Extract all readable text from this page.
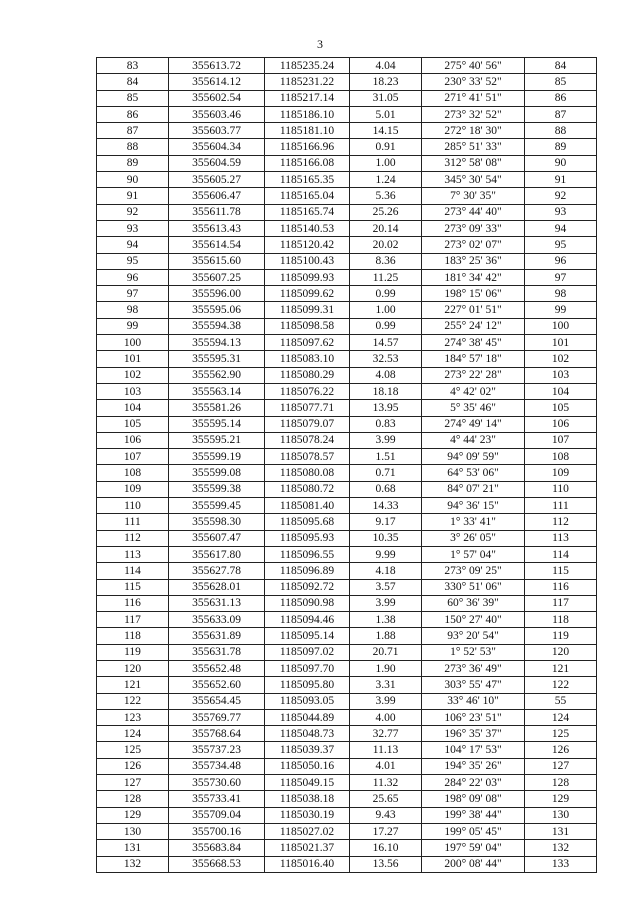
3
83	355613.72	1185235.24	4.04	275° 40' 56"	84
84	355614.12	1185231.22	18.23	230° 33' 52"	85
85	355602.54	1185217.14	31.05	271° 41' 51"	86
86	355603.46	1185186.10	5.01	273° 32' 52"	87
87	355603.77	1185181.10	14.15	272° 18' 30"	88
88	355604.34	1185166.96	0.91	285° 51' 33"	89
89	355604.59	1185166.08	1.00	312° 58' 08"	90
90	355605.27	1185165.35	1.24	345° 30' 54"	91
91	355606.47	1185165.04	5.36	7° 30' 35"	92
92	355611.78	1185165.74	25.26	273° 44' 40"	93
93	355613.43	1185140.53	20.14	273° 09' 33"	94
94	355614.54	1185120.42	20.02	273° 02' 07"	95
95	355615.60	1185100.43	8.36	183° 25' 36"	96
96	355607.25	1185099.93	11.25	181° 34' 42"	97
97	355596.00	1185099.62	0.99	198° 15' 06"	98
98	355595.06	1185099.31	1.00	227° 01' 51"	99
99	355594.38	1185098.58	0.99	255° 24' 12"	100
100	355594.13	1185097.62	14.57	274° 38' 45"	101
101	355595.31	1185083.10	32.53	184° 57' 18"	102
102	355562.90	1185080.29	4.08	273° 22' 28"	103
103	355563.14	1185076.22	18.18	4° 42' 02"	104
104	355581.26	1185077.71	13.95	5° 35' 46"	105
105	355595.14	1185079.07	0.83	274° 49' 14"	106
106	355595.21	1185078.24	3.99	4° 44' 23"	107
107	355599.19	1185078.57	1.51	94° 09' 59"	108
108	355599.08	1185080.08	0.71	64° 53' 06"	109
109	355599.38	1185080.72	0.68	84° 07' 21"	110
110	355599.45	1185081.40	14.33	94° 36' 15"	111
111	355598.30	1185095.68	9.17	1° 33' 41"	112
112	355607.47	1185095.93	10.35	3° 26' 05"	113
113	355617.80	1185096.55	9.99	1° 57' 04"	114
114	355627.78	1185096.89	4.18	273° 09' 25"	115
115	355628.01	1185092.72	3.57	330° 51' 06"	116
116	355631.13	1185090.98	3.99	60° 36' 39"	117
117	355633.09	1185094.46	1.38	150° 27' 40"	118
118	355631.89	1185095.14	1.88	93° 20' 54"	119
119	355631.78	1185097.02	20.71	1° 52' 53"	120
120	355652.48	1185097.70	1.90	273° 36' 49"	121
121	355652.60	1185095.80	3.31	303° 55' 47"	122
122	355654.45	1185093.05	3.99	33° 46' 10"	55
123	355769.77	1185044.89	4.00	106° 23' 51"	124
124	355768.64	1185048.73	32.77	196° 35' 37"	125
125	355737.23	1185039.37	11.13	104° 17' 53"	126
126	355734.48	1185050.16	4.01	194° 35' 26"	127
127	355730.60	1185049.15	11.32	284° 22' 03"	128
128	355733.41	1185038.18	25.65	198° 09' 08"	129
129	355709.04	1185030.19	9.43	199° 38' 44"	130
130	355700.16	1185027.02	17.27	199° 05' 45"	131
131	355683.84	1185021.37	16.10	197° 59' 04"	132
132	355668.53	1185016.40	13.56	200° 08' 44"	133
